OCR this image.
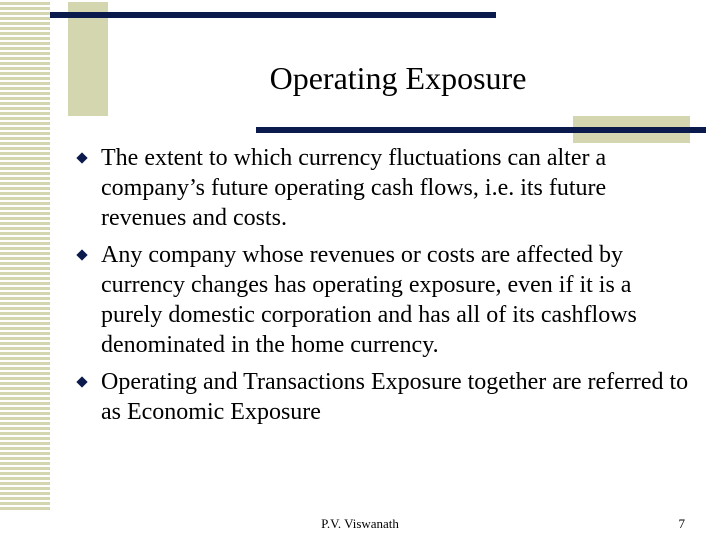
Operating Exposure
The extent to which currency fluctuations can alter a company’s future operating cash flows, i.e. its future revenues and costs.
Any company whose revenues or costs are affected by currency changes has operating exposure, even if it is a purely domestic corporation and has all of its cashflows denominated in the home currency.
Operating and Transactions Exposure together are referred to as Economic Exposure
P.V. Viswanath	7
